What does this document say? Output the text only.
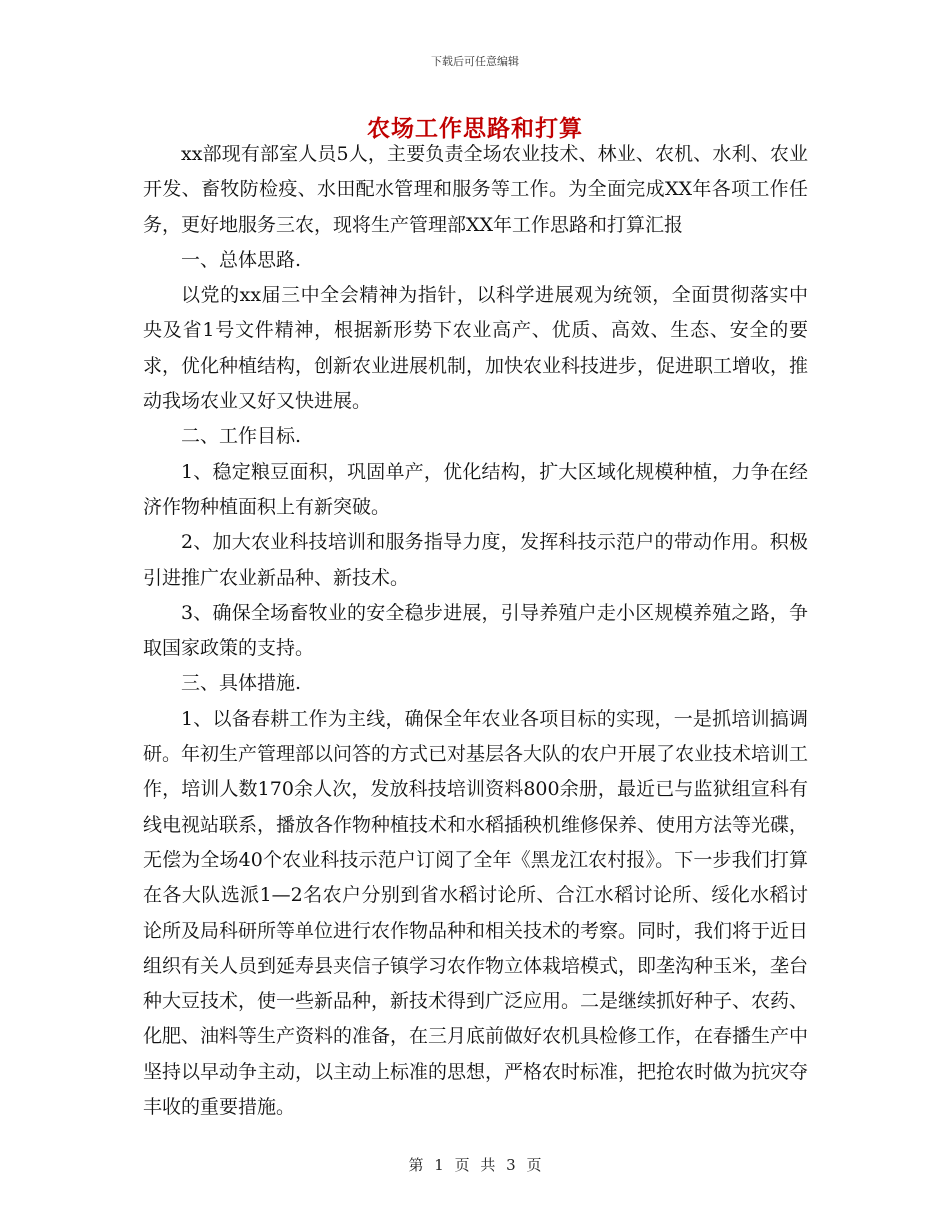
下载后可任意编辑
农场工作思路和打算

xx部现有部室人员5人，主要负责全场农业技术、林业、农机、水利、农业开发、畜牧防检疫、水田配水管理和服务等工作。为全面完成XX年各项工作任务，更好地服务三农，现将生产管理部XX年工作思路和打算汇报

一、总体思路.

以党的xx届三中全会精神为指针，以科学进展观为统领，全面贯彻落实中央及省1号文件精神，根据新形势下农业高产、优质、高效、生态、安全的要求，优化种植结构，创新农业进展机制，加快农业科技进步，促进职工增收，推动我场农业又好又快进展。

二、工作目标.

1、稳定粮豆面积，巩固单产，优化结构，扩大区域化规模种植，力争在经济作物种植面积上有新突破。

2、加大农业科技培训和服务指导力度，发挥科技示范户的带动作用。积极引进推广农业新品种、新技术。

3、确保全场畜牧业的安全稳步进展，引导养殖户走小区规模养殖之路，争取国家政策的支持。

三、具体措施.

1、以备春耕工作为主线，确保全年农业各项目标的实现，一是抓培训搞调研。年初生产管理部以问答的方式已对基层各大队的农户开展了农业技术培训工作，培训人数170余人次，发放科技培训资料800余册，最近已与监狱组宣科有线电视站联系，播放各作物种植技术和水稻插秧机维修保养、使用方法等光碟，无偿为全场40个农业科技示范户订阅了全年《黑龙江农村报》。下一步我们打算在各大队选派1—2名农户分别到省水稻讨论所、合江水稻讨论所、绥化水稻讨论所及局科研所等单位进行农作物品种和相关技术的考察。同时，我们将于近日组织有关人员到延寿县夹信子镇学习农作物立体栽培模式，即垄沟种玉米，垄台种大豆技术，使一些新品种，新技术得到广泛应用。二是继续抓好种子、农药、化肥、油料等生产资料的准备，在三月底前做好农机具检修工作，在春播生产中坚持以早动争主动，以主动上标准的思想，严格农时标准，把抢农时做为抗灾夺丰收的重要措施。

第 1 页 共 3 页
